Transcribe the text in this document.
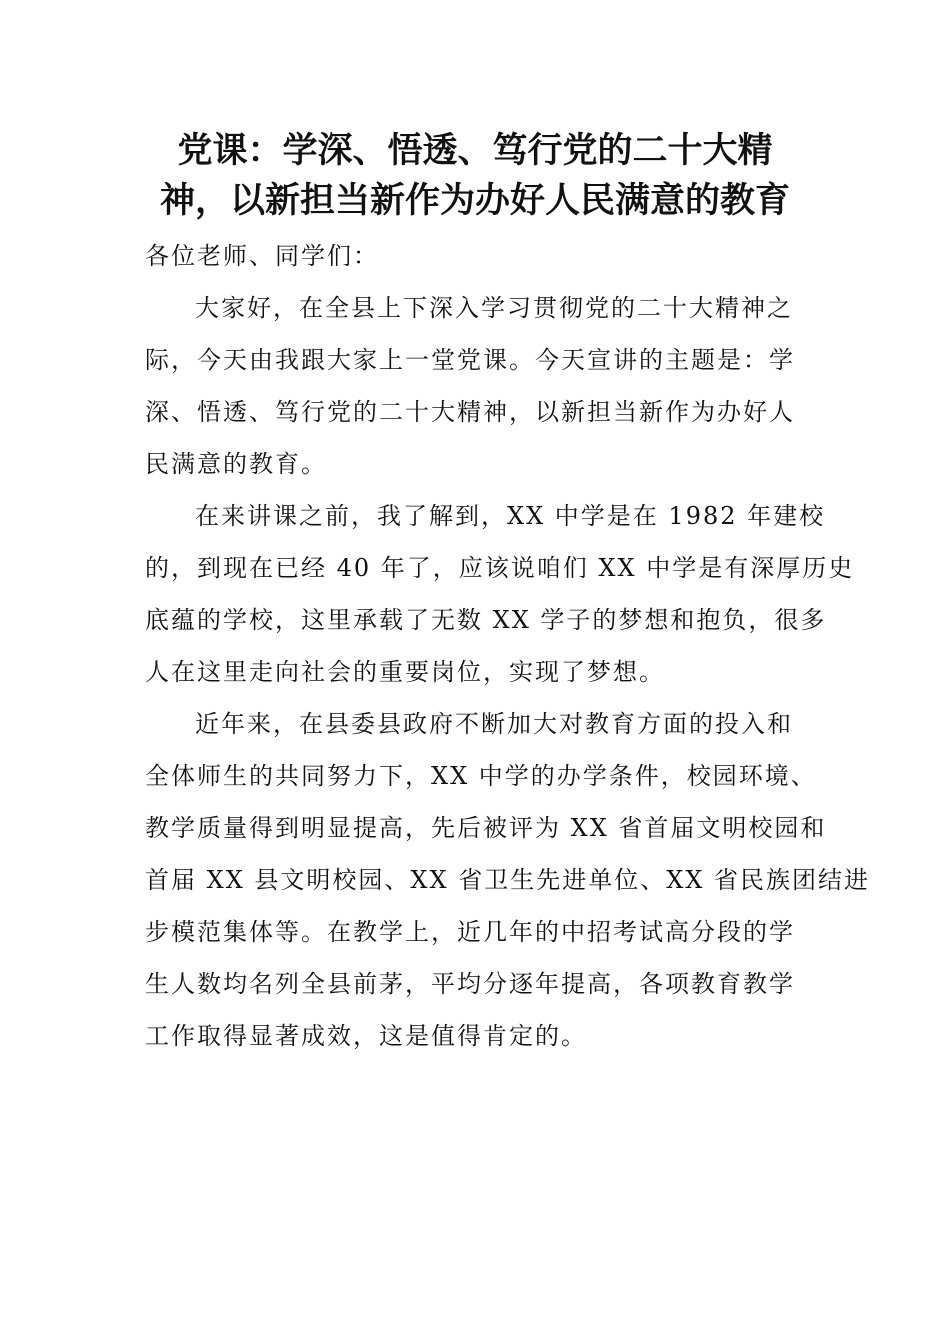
党课：学深、悟透、笃行党的二十大精
神，以新担当新作为办好人民满意的教育

各位老师、同学们：

大家好，在全县上下深入学习贯彻党的二十大精神之
际，今天由我跟大家上一堂党课。今天宣讲的主题是：学
深、悟透、笃行党的二十大精神，以新担当新作为办好人
民满意的教育。

在来讲课之前，我了解到，XX 中学是在 1982 年建校
的，到现在已经 40 年了，应该说咱们 XX 中学是有深厚历史
底蕴的学校，这里承载了无数 XX 学子的梦想和抱负，很多
人在这里走向社会的重要岗位，实现了梦想。

近年来，在县委县政府不断加大对教育方面的投入和
全体师生的共同努力下，XX 中学的办学条件，校园环境、
教学质量得到明显提高，先后被评为 XX 省首届文明校园和
首届 XX 县文明校园、XX 省卫生先进单位、XX 省民族团结进
步模范集体等。在教学上，近几年的中招考试高分段的学
生人数均名列全县前茅，平均分逐年提高，各项教育教学
工作取得显著成效，这是值得肯定的。
